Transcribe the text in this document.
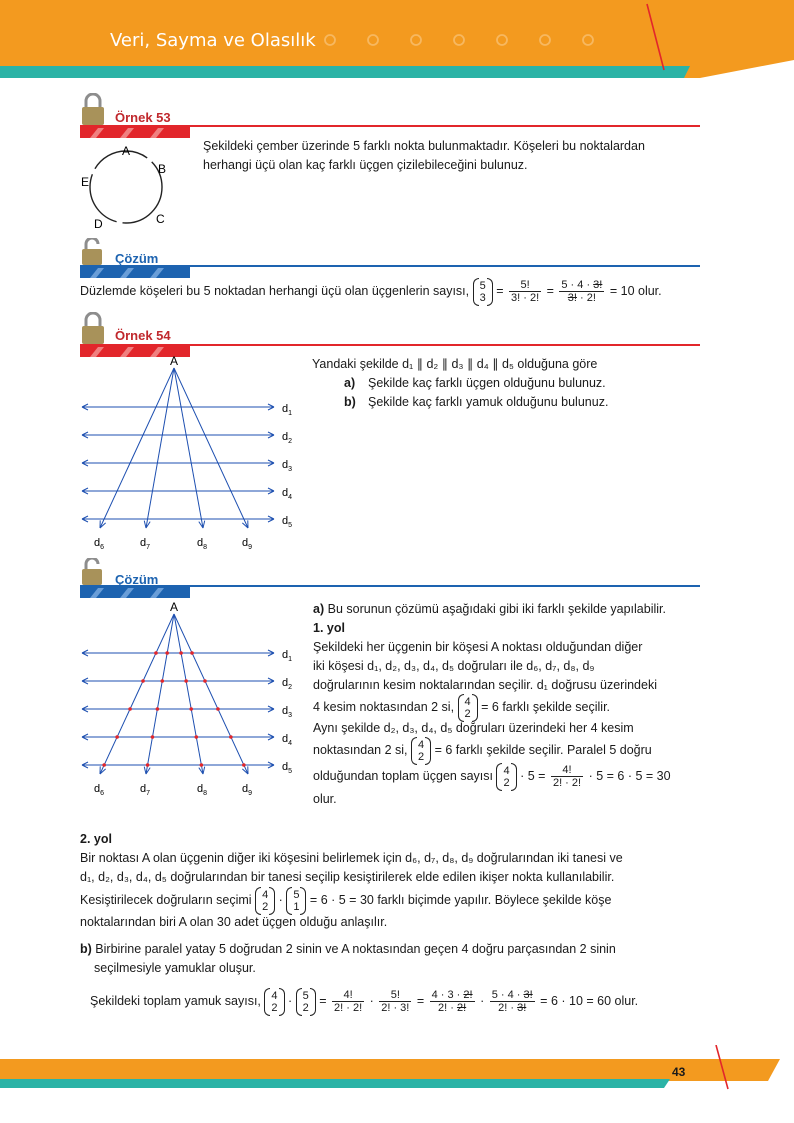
Veri, Sayma ve Olasılık
Örnek 53
A
B
C
D
E
Şekildeki çember üzerinde 5 farklı nokta bulunmaktadır. Köşeleri bu noktalardan
herhangi üçü olan kaç farklı üçgen çizilebileceğini bulunuz.
Çözüm
Düzlemde köşeleri bu 5 noktadan herhangi üçü olan üçgenlerin sayısı, 5
$3 = \frac{5!}{3! \cdot 2!} = \frac{5 \cdot 4 \cdot 3!}{3! \cdot 2!} = 10$ olur.
Örnek 54
$d_1$
$d_2$
$d_3$
$d_4$
$d_5$
$d_6$	$d_7$	$d_8$	$d_9$
A	Yandaki şekilde d₁ ∥ d₂ ∥ d₃ ∥ d₄ ∥ d₅ olduğuna göre
a) Şekilde kaç farklı üçgen olduğunu bulunuz.
b) Şekilde kaç farklı yamuk olduğunu bulunuz.
Çözüm
$d_1$
$d_2$
$d_3$
$d_4$
$d_5$
$d_6$	$d_7$	$d_8$	$d_9$
A	a) Bu sorunun çözümü aşağıdaki gibi iki farklı şekilde yapılabilir.
1. yol
Şekildeki her üçgenin bir köşesi A noktası olduğundan diğer
iki köşesi d₁, d₂, d₃, d₄, d₅ doğruları ile d₆, d₇, d₈, d₉
doğrularının kesim noktalarından seçilir. d₁ doğrusu üzerindeki
4 kesim noktasından 2 si, 4
2 = 6 farklı şekilde seçilir.
Aynı şekilde d₂, d₃, d₄, d₅ doğruları üzerindeki her 4 kesim
noktasından 2 si, 4
2 = 6 farklı şekilde seçilir. Paralel 5 doğru
olduğundan toplam üçgen sayısı 4
$2 \cdot 5 = \frac{4!}{2! \cdot 2!} \cdot 5 = 6 \cdot 5 = 30$
olur.
2. yol
Bir noktası A olan üçgenin diğer iki köşesini belirlemek için d₆, d₇, d₈, d₉ doğrularından iki tanesi ve
d₁, d₂, d₃, d₄, d₅ doğrularından bir tanesi seçilip kesiştirilerek elde edilen ikişer nokta kullanılabilir.
Kesiştirilecek doğruların seçimi 4
2 · 5
1 = 6 · 5 = 30 farklı biçimde yapılır. Böylece şekilde köşe
noktalarından biri A olan 30 adet üçgen olduğu anlaşılır.
b) Birbirine paralel yatay 5 doğrudan 2 sinin ve A noktasından geçen 4 doğru parçasından 2 sinin
seçilmesiyle yamuklar oluşur.
Şekildeki toplam yamuk sayısı, 4
2 · 5
$2 = \frac{4!}{2! \cdot 2!} \cdot \frac{5!}{2! \cdot 3!} = \frac{4 \cdot 3 \cdot 2!}{2! \cdot 2!} \cdot \frac{5 \cdot 4 \cdot 3!}{2! \cdot 3!} = 6 \cdot 10 = 60$ olur.
43
